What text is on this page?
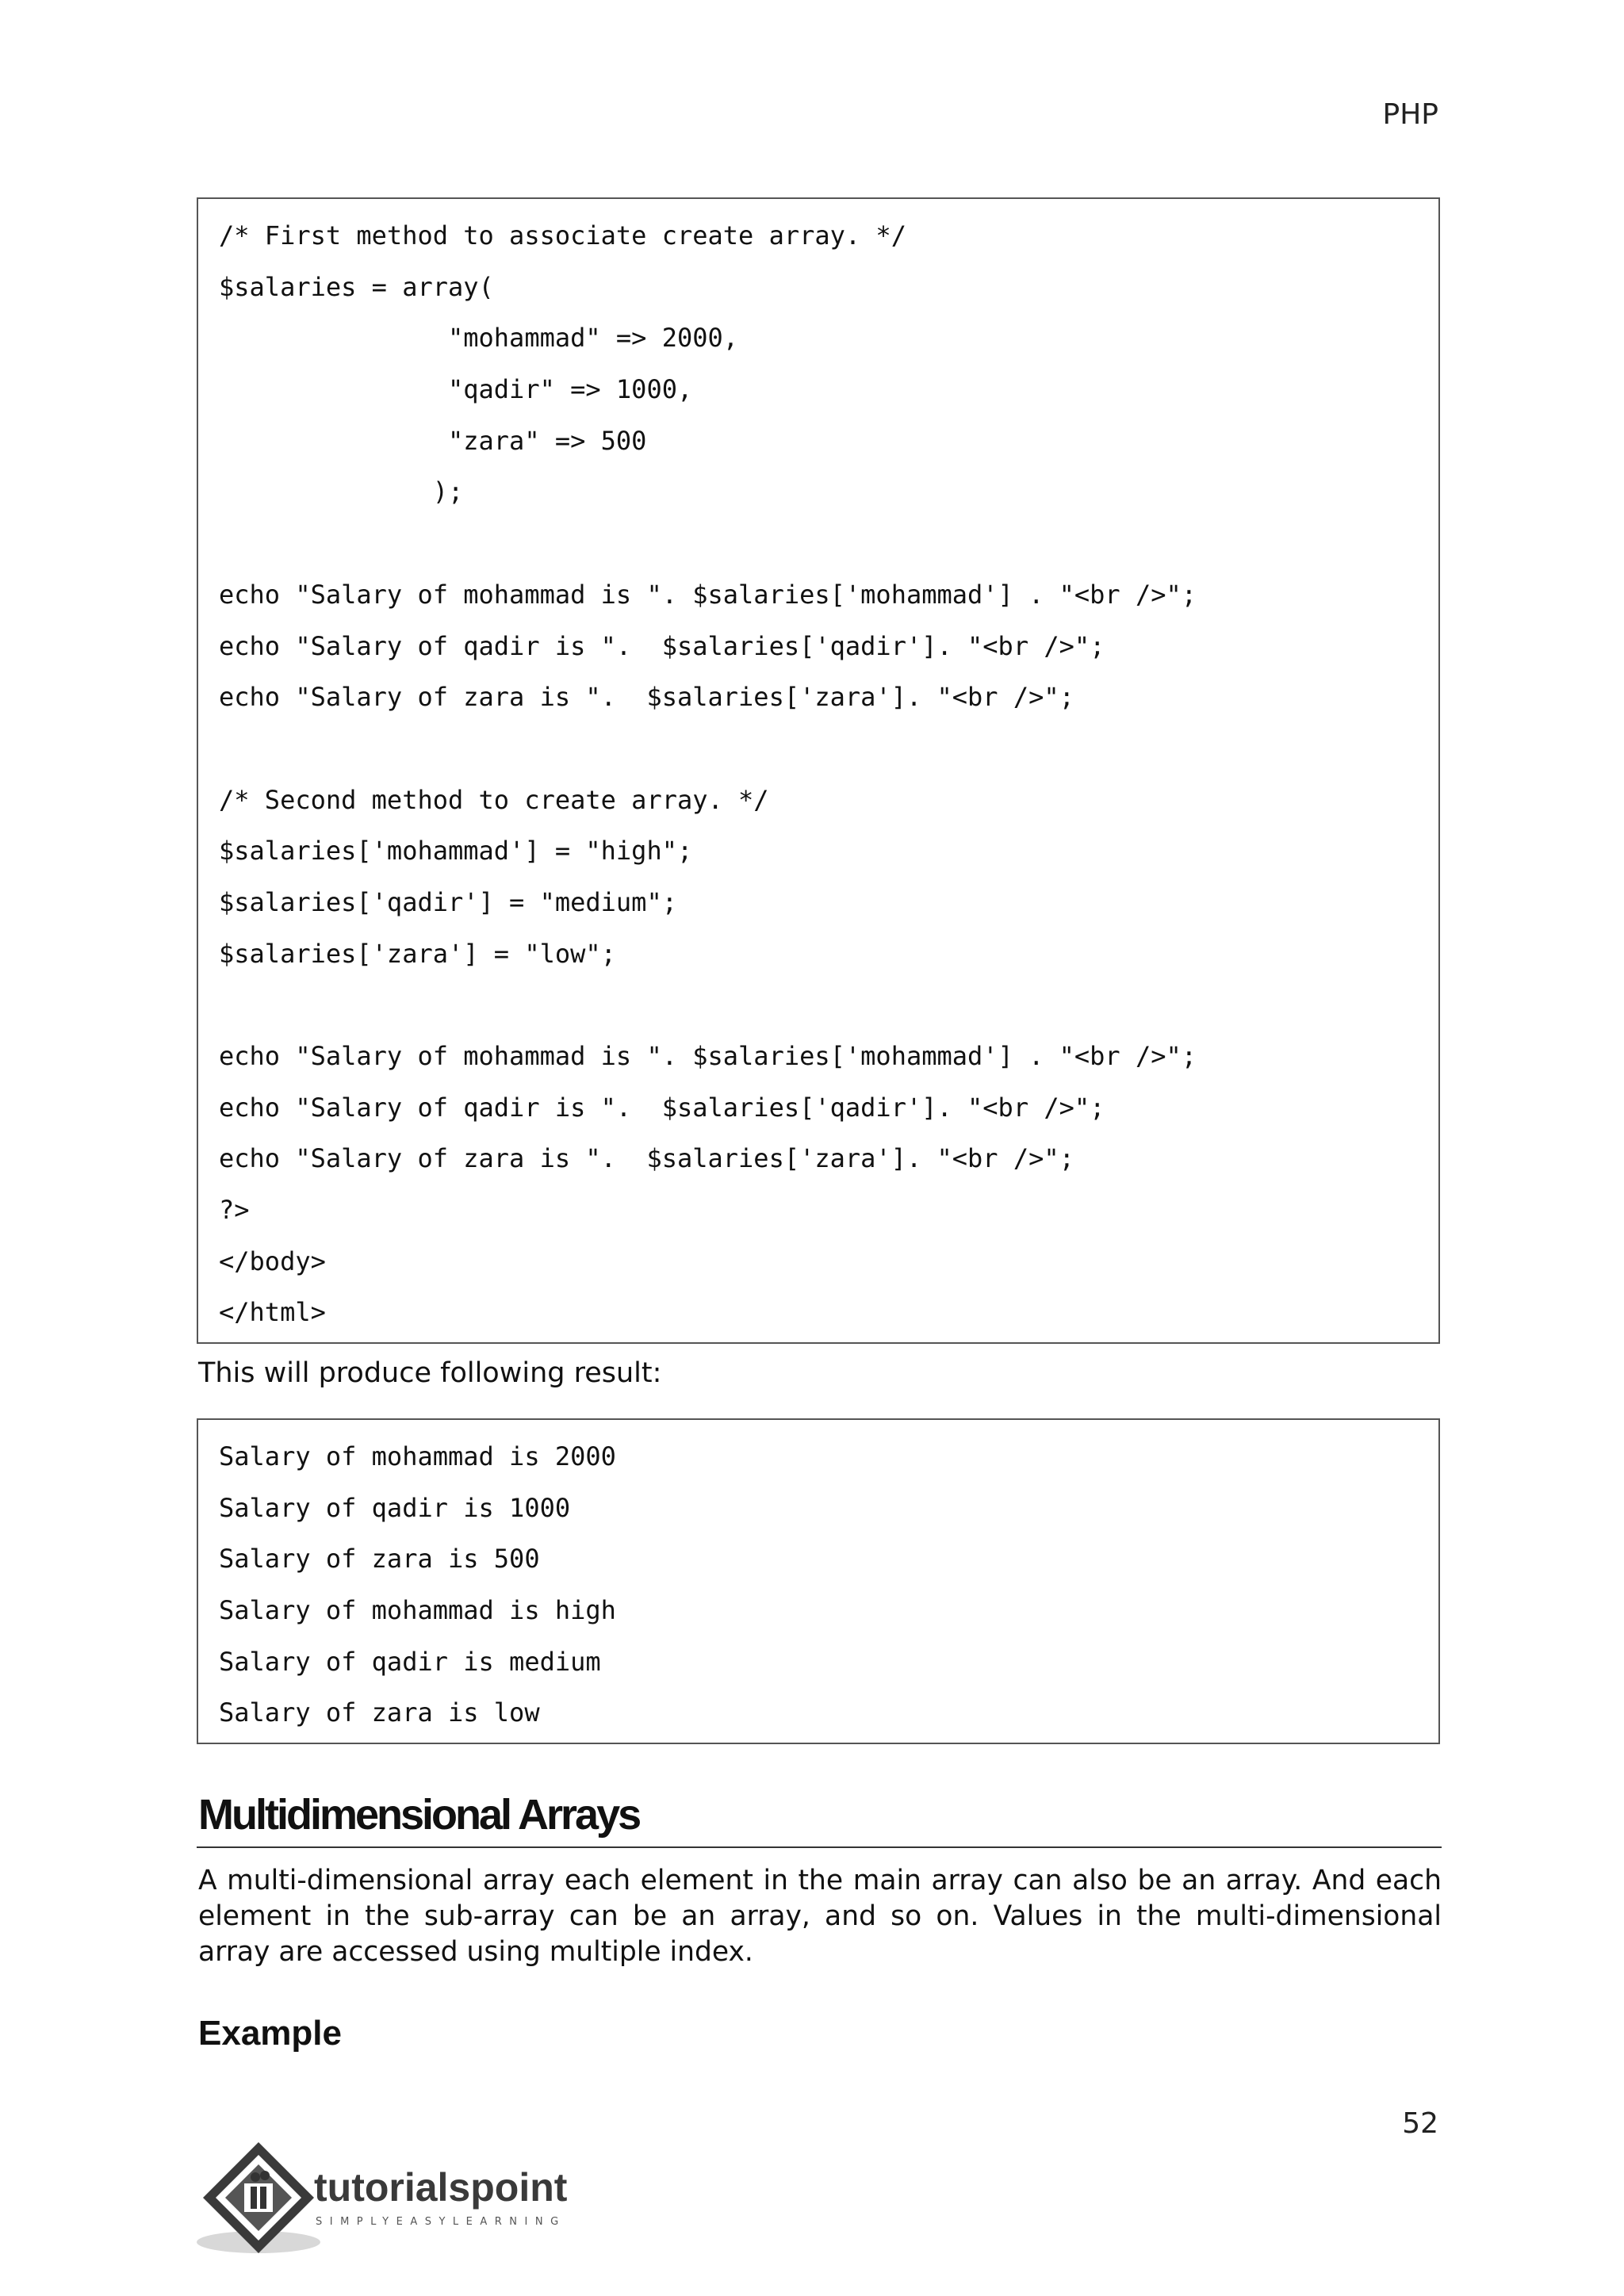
PHP
/* First method to associate create array. */
$salaries = array(
"mohammad" => 2000,
"qadir" => 1000,
"zara" => 500
);
echo "Salary of mohammad is ". $salaries['mohammad'] . "<br />";
echo "Salary of qadir is ".  $salaries['qadir']. "<br />";
echo "Salary of zara is ".  $salaries['zara']. "<br />";
/* Second method to create array. */
$salaries['mohammad'] = "high";
$salaries['qadir'] = "medium";
$salaries['zara'] = "low";
echo "Salary of mohammad is ". $salaries['mohammad'] . "<br />";
echo "Salary of qadir is ".  $salaries['qadir']. "<br />";
echo "Salary of zara is ".  $salaries['zara']. "<br />";
?>
</body>
</html>
This will produce following result:
Salary of mohammad is 2000
Salary of qadir is 1000
Salary of zara is 500
Salary of mohammad is high
Salary of qadir is medium
Salary of zara is low
Multidimensional Arrays
A multi-dimensional array each element in the main array can also be an array. And each element in the sub-array can be an array, and so on. Values in the multi-dimensional array are accessed using multiple index.
Example
52
tutorialspoint
SIMPLYEASYLEARNING
